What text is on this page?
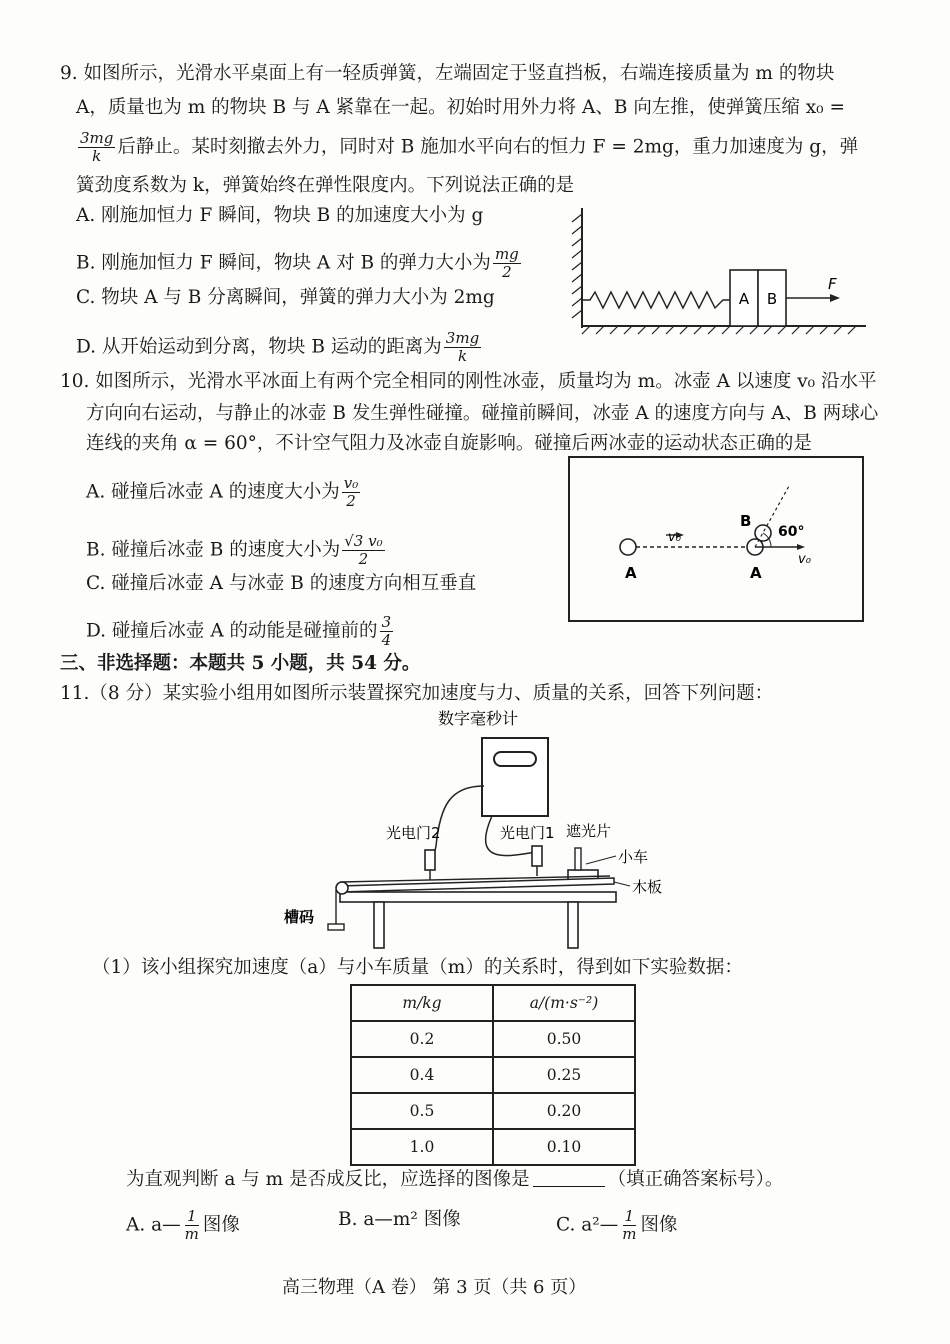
9. 如图所示，光滑水平桌面上有一轻质弹簧，左端固定于竖直挡板，右端连接质量为 m 的物块
A，质量也为 m 的物块 B 与 A 紧靠在一起。初始时用外力将 A、B 向左推，使弹簧压缩 x₀ =
$\frac{3mg}{k}$ 后静止。某时刻撤去外力，同时对 B 施加水平向右的恒力 F = 2mg，重力加速度为 g，弹
簧劲度系数为 k，弹簧始终在弹性限度内。下列说法正确的是
A. 刚施加恒力 F 瞬间，物块 B 的加速度大小为 g
B. 刚施加恒力 F 瞬间，物块 A 对 B 的弹力大小为 $\frac{mg}{2}$
C. 物块 A 与 B 分离瞬间，弹簧的弹力大小为 2mg
D. 从开始运动到分离，物块 B 运动的距离为 $\frac{3mg}{k}$
A B
F
10. 如图所示，光滑水平冰面上有两个完全相同的刚性冰壶，质量均为 m。冰壶 A 以速度 v₀ 沿水平
方向向右运动，与静止的冰壶 B 发生弹性碰撞。碰撞前瞬间，冰壶 A 的速度方向与 A、B 两球心
连线的夹角 α = 60°，不计空气阻力及冰壶自旋影响。碰撞后两冰壶的运动状态正确的是
A. 碰撞后冰壶 A 的速度大小为 $\frac{\text{v₀}}{2}$
B. 碰撞后冰壶 B 的速度大小为 $\frac{\text{√3 v₀}}{2}$
C. 碰撞后冰壶 A 与冰壶 B 的速度方向相互垂直
D. 碰撞后冰壶 A 的动能是碰撞前的 $\frac{3}{4}$
v₀
A
B
60°
v₀
A
三、非选择题：本题共 5 小题，共 54 分。
11.（8 分）某实验小组用如图所示装置探究加速度与力、质量的关系，回答下列问题：
数字毫秒计
光电门2	光电门1 遮光片
小车
木板
槽码
（1）该小组探究加速度（a）与小车质量（m）的关系时，得到如下实验数据：
m/kg	a/(m·s⁻²)
0.2	0.50
0.4	0.25
0.5	0.20
1.0	0.10
为直观判断 a 与 m 是否成反比，应选择的图像是	（填正确答案标号）。
A. a— $\frac{1}{m}$ 图像	B. a—m² 图像	C. a²— $\frac{1}{m}$ 图像
高三物理（A 卷） 第 3 页（共 6 页）
